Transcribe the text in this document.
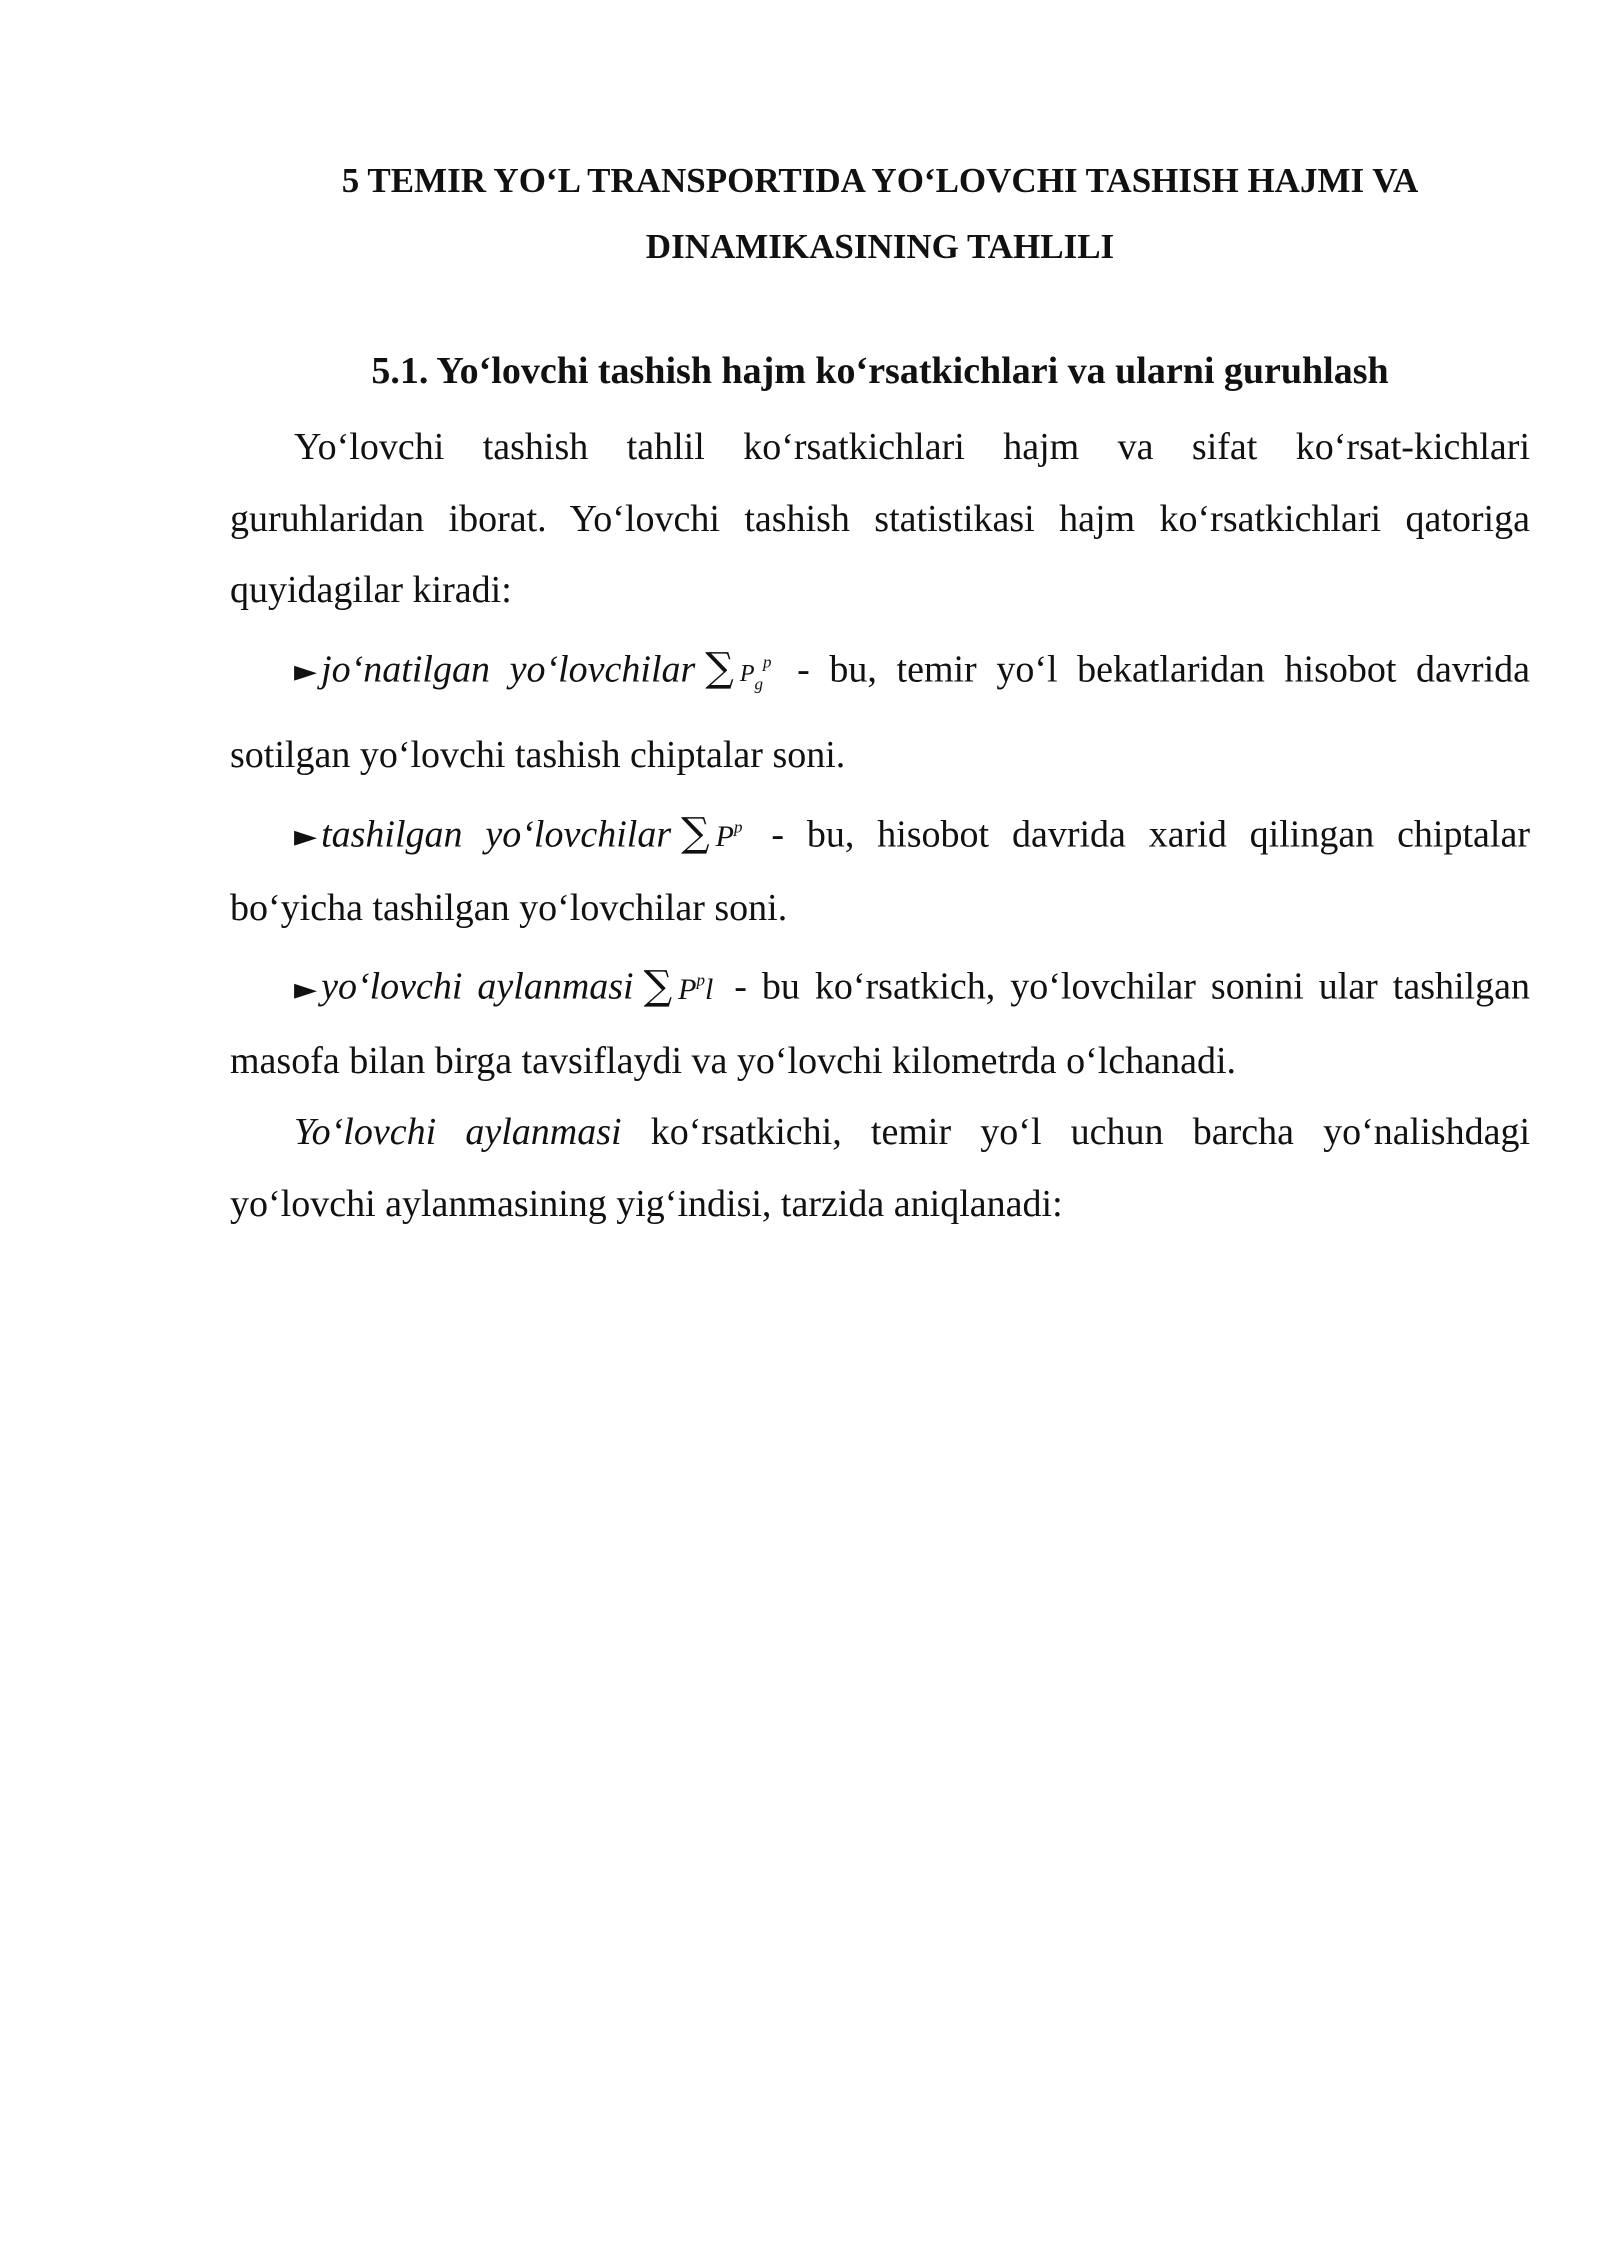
5 TEMIR YO‘L TRANSPORTIDA YO‘LOVCHI TASHISH HAJMI VA
DINAMIKASINING TAHLILI
5.1. Yo‘lovchi tashish hajm ko‘rsatkichlari va ularni guruhlash

Yo‘lovchi tashish tahlil ko‘rsatkichlari hajm va sifat ko‘rsat-kichlari guruhlaridan iborat. Yo‘lovchi tashish statistikasi hajm ko‘rsatkichlari qatoriga quyidagilar kiradi:

► jo‘natilgan yo‘lovchilar ∑ $P_g^p$ - bu, temir yo‘l bekatlaridan hisobot davrida sotilgan yo‘lovchi tashish chiptalar soni.

► tashilgan yo‘lovchilar ∑ $P^p$ - bu, hisobot davrida xarid qilingan chiptalar bo‘yicha tashilgan yo‘lovchilar soni.

► yo‘lovchi aylanmasi ∑ $P^pl$ - bu ko‘rsatkich, yo‘lovchilar sonini ular tashilgan masofa bilan birga tavsiflaydi va yo‘lovchi kilometrda o‘lchanadi.

Yo‘lovchi aylanmasi ko‘rsatkichi, temir yo‘l uchun barcha yo‘nalishdagi yo‘lovchi aylanmasining yig‘indisi, tarzida aniqlanadi:
